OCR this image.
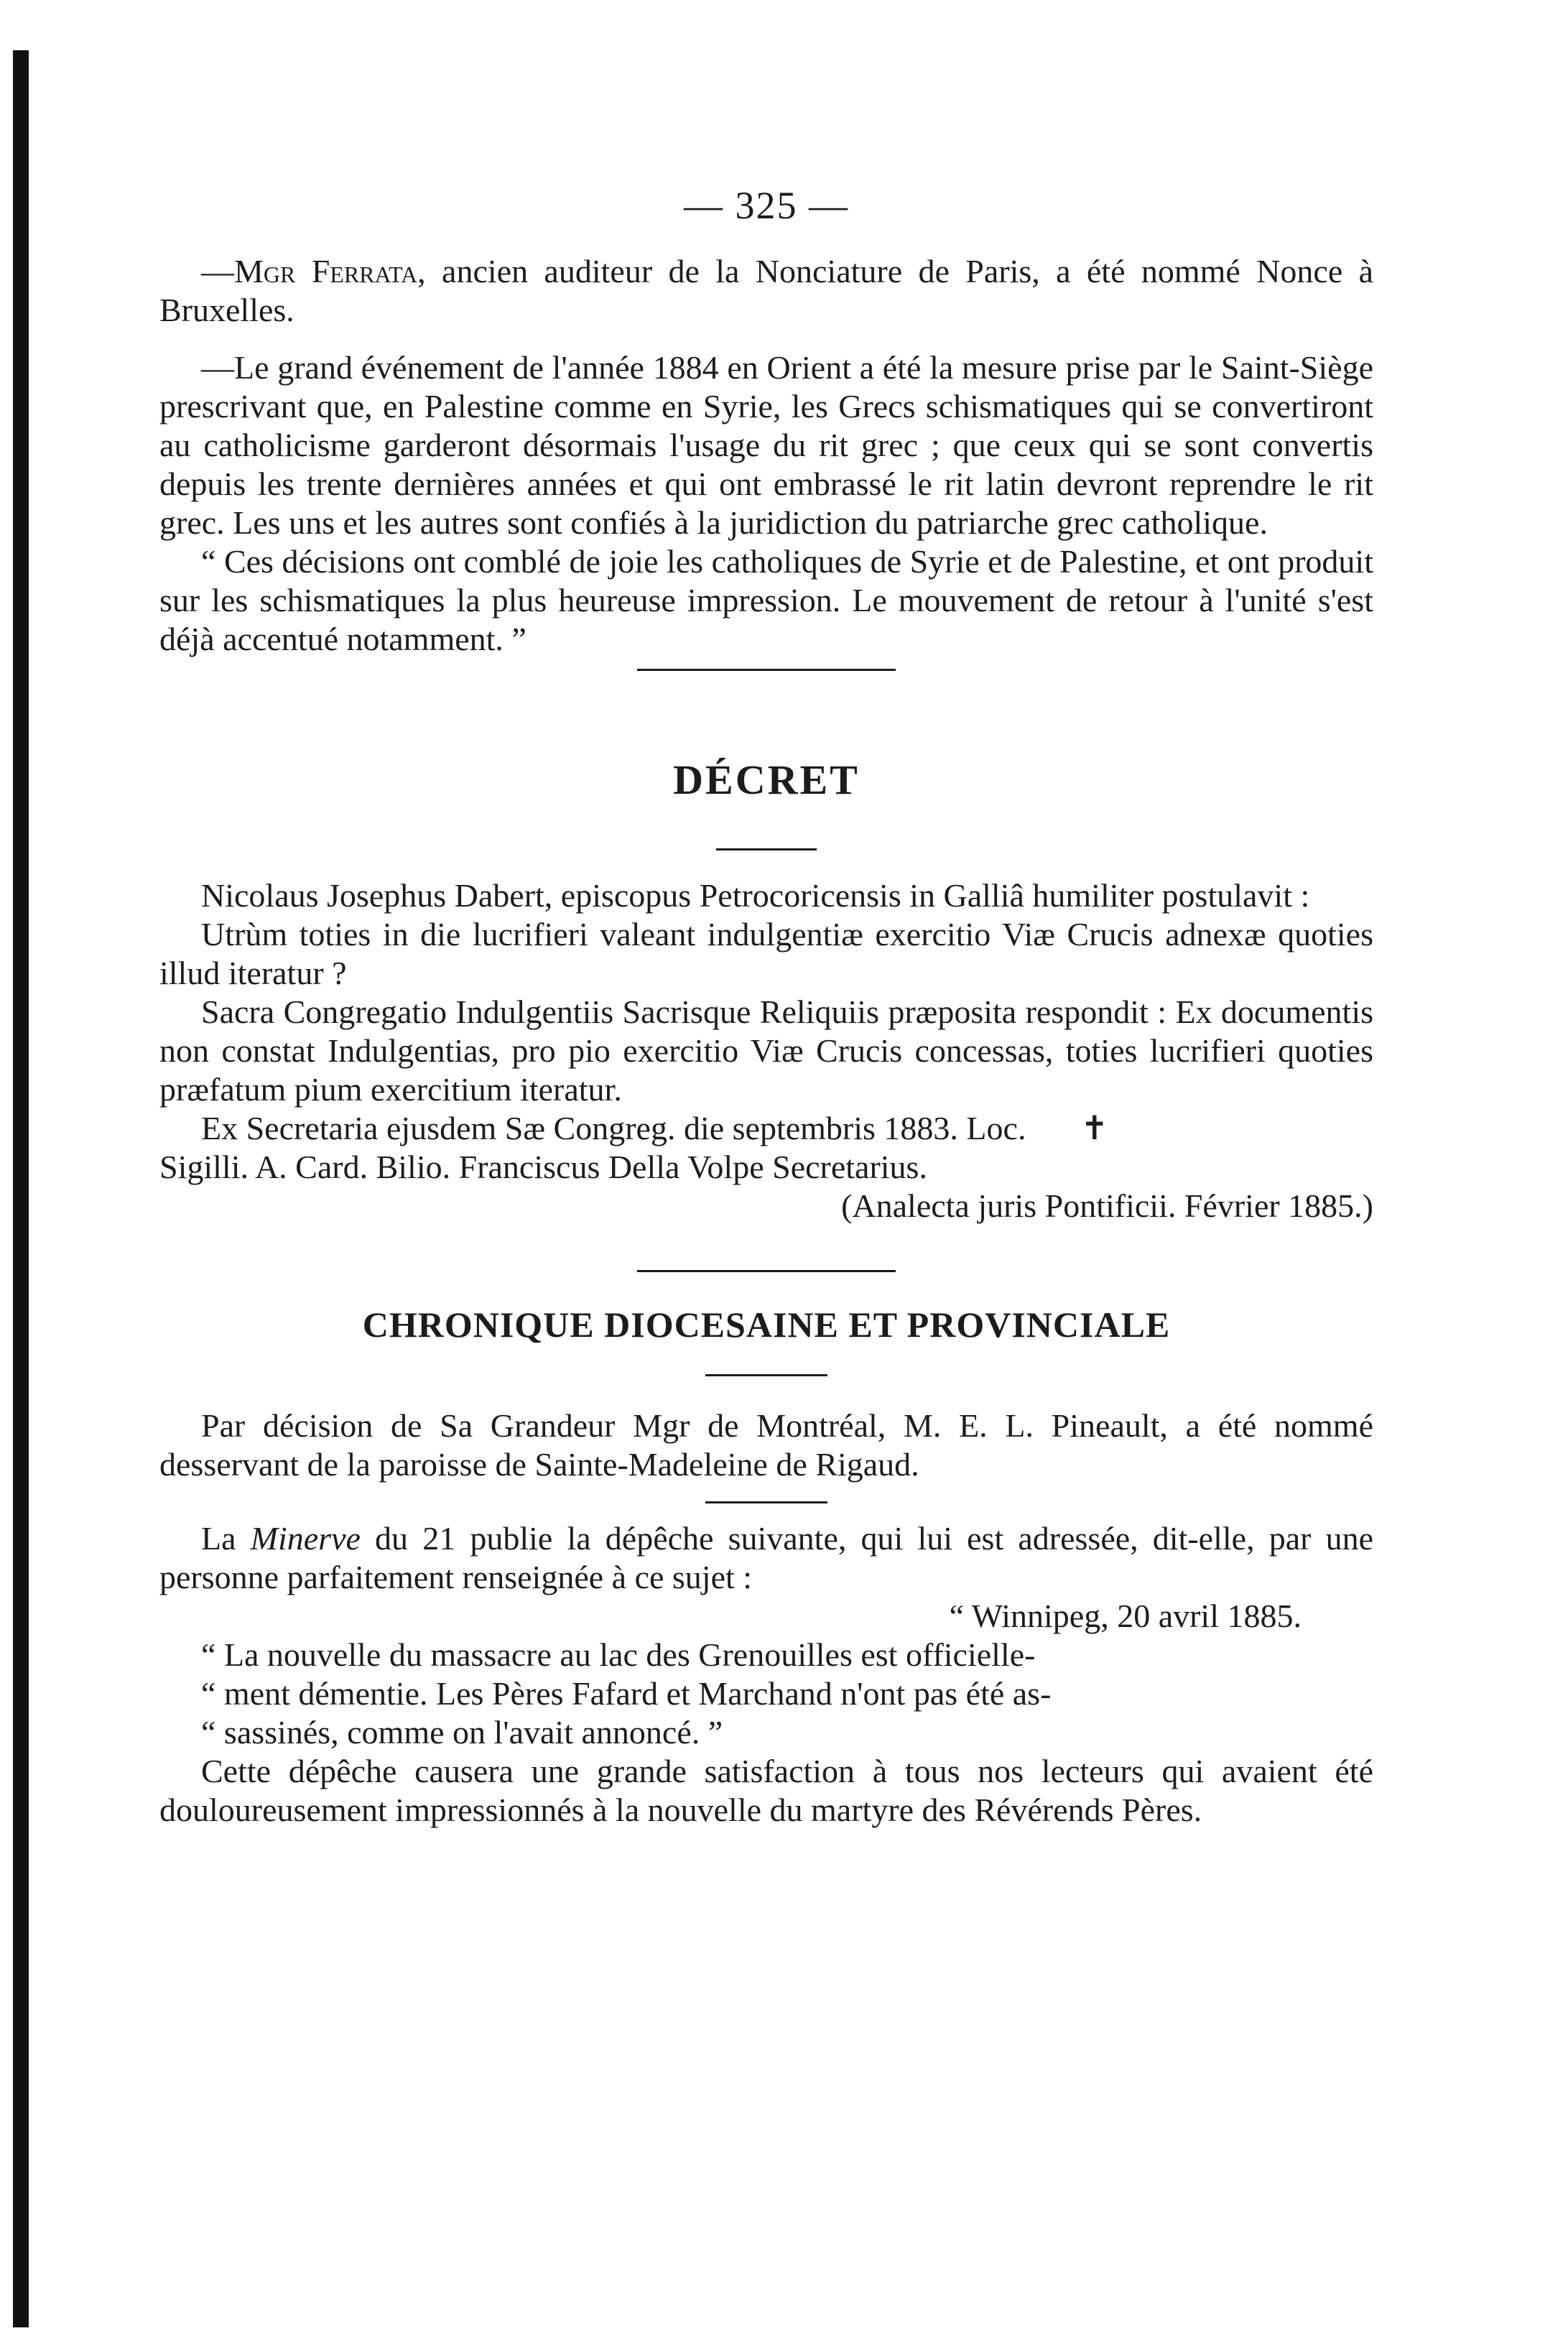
— 325 —

—Mgr Ferrata, ancien auditeur de la Nonciature de Paris, a été nommé Nonce à Bruxelles.

—Le grand événement de l'année 1884 en Orient a été la mesure prise par le Saint-Siège prescrivant que, en Palestine comme en Syrie, les Grecs schismatiques qui se convertiront au catholicisme garderont désormais l'usage du rit grec ; que ceux qui se sont convertis depuis les trente dernières années et qui ont embrassé le rit latin devront reprendre le rit grec. Les uns et les autres sont confiés à la juridiction du patriarche grec catholique.

“ Ces décisions ont comblé de joie les catholiques de Syrie et de Palestine, et ont produit sur les schismatiques la plus heureuse impression. Le mouvement de retour à l'unité s'est déjà accentué notamment. ”

DÉCRET

Nicolaus Josephus Dabert, episcopus Petrocoricensis in Galliâ humiliter postulavit :

Utrùm toties in die lucrifieri valeant indulgentiæ exercitio Viæ Crucis adnexæ quoties illud iteratur ?

Sacra Congregatio Indulgentiis Sacrisque Reliquiis præposita respondit : Ex documentis non constat Indulgentias, pro pio exercitio Viæ Crucis concessas, toties lucrifieri quoties præfatum pium exercitium iteratur.

Ex Secretaria ejusdem Sæ Congreg. die septembris 1883. Loc. ✝

Sigilli. A. Card. Bilio. Franciscus Della Volpe Secretarius.

(Analecta juris Pontificii. Février 1885.)

CHRONIQUE DIOCESAINE ET PROVINCIALE

Par décision de Sa Grandeur Mgr de Montréal, M. E. L. Pineault, a été nommé desservant de la paroisse de Sainte-Madeleine de Rigaud.

La Minerve du 21 publie la dépêche suivante, qui lui est adressée, dit-elle, par une personne parfaitement renseignée à ce sujet :

“ Winnipeg, 20 avril 1885.

“ La nouvelle du massacre au lac des Grenouilles est officielle-

“ ment démentie. Les Pères Fafard et Marchand n'ont pas été as-

“ sassinés, comme on l'avait annoncé. ”

Cette dépêche causera une grande satisfaction à tous nos lecteurs qui avaient été douloureusement impressionnés à la nouvelle du martyre des Révérends Pères.
